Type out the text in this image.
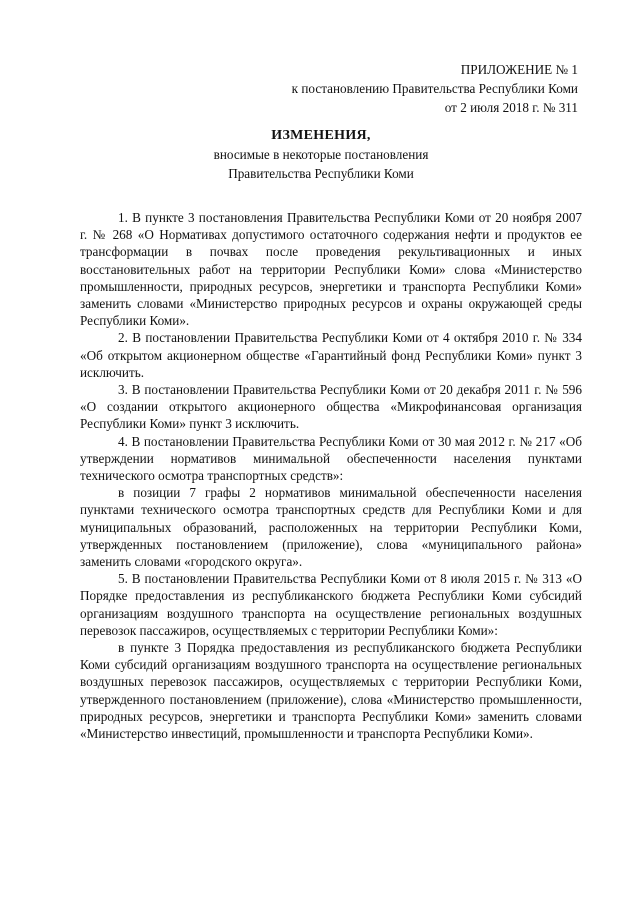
ПРИЛОЖЕНИЕ № 1
к постановлению Правительства Республики Коми
от 2 июля 2018 г. № 311
ИЗМЕНЕНИЯ,
вносимые в некоторые постановления
Правительства Республики Коми

1. В пункте 3 постановления Правительства Республики Коми от 20 ноября 2007 г. № 268 «О Нормативах допустимого остаточного содержания нефти и продуктов ее трансформации в почвах после проведения рекультивационных и иных восстановительных работ на территории Республики Коми» слова «Министерство промышленности, природных ресурсов, энергетики и транспорта Республики Коми» заменить словами «Министерство природных ресурсов и охраны окружающей среды Республики Коми».

2. В постановлении Правительства Республики Коми от 4 октября 2010 г. № 334 «Об открытом акционерном обществе «Гарантийный фонд Республики Коми» пункт 3 исключить.

3. В постановлении Правительства Республики Коми от 20 декабря 2011 г. № 596 «О создании открытого акционерного общества «Микрофинансовая организация Республики Коми» пункт 3 исключить.

4. В постановлении Правительства Республики Коми от 30 мая 2012 г. № 217 «Об утверждении нормативов минимальной обеспеченности населения пунктами технического осмотра транспортных средств»:

в позиции 7 графы 2 нормативов минимальной обеспеченности населения пунктами технического осмотра транспортных средств для Республики Коми и для муниципальных образований, расположенных на территории Республики Коми, утвержденных постановлением (приложение), слова «муниципального района» заменить словами «городского округа».

5. В постановлении Правительства Республики Коми от 8 июля 2015 г. № 313 «О Порядке предоставления из республиканского бюджета Республики Коми субсидий организациям воздушного транспорта на осуществление региональных воздушных перевозок пассажиров, осуществляемых с территории Республики Коми»:

в пункте 3 Порядка предоставления из республиканского бюджета Республики Коми субсидий организациям воздушного транспорта на осуществление региональных воздушных перевозок пассажиров, осуществляемых с территории Республики Коми, утвержденного постановлением (приложение), слова «Министерство промышленности, природных ресурсов, энергетики и транспорта Республики Коми» заменить словами «Министерство инвестиций, промышленности и транспорта Республики Коми».
